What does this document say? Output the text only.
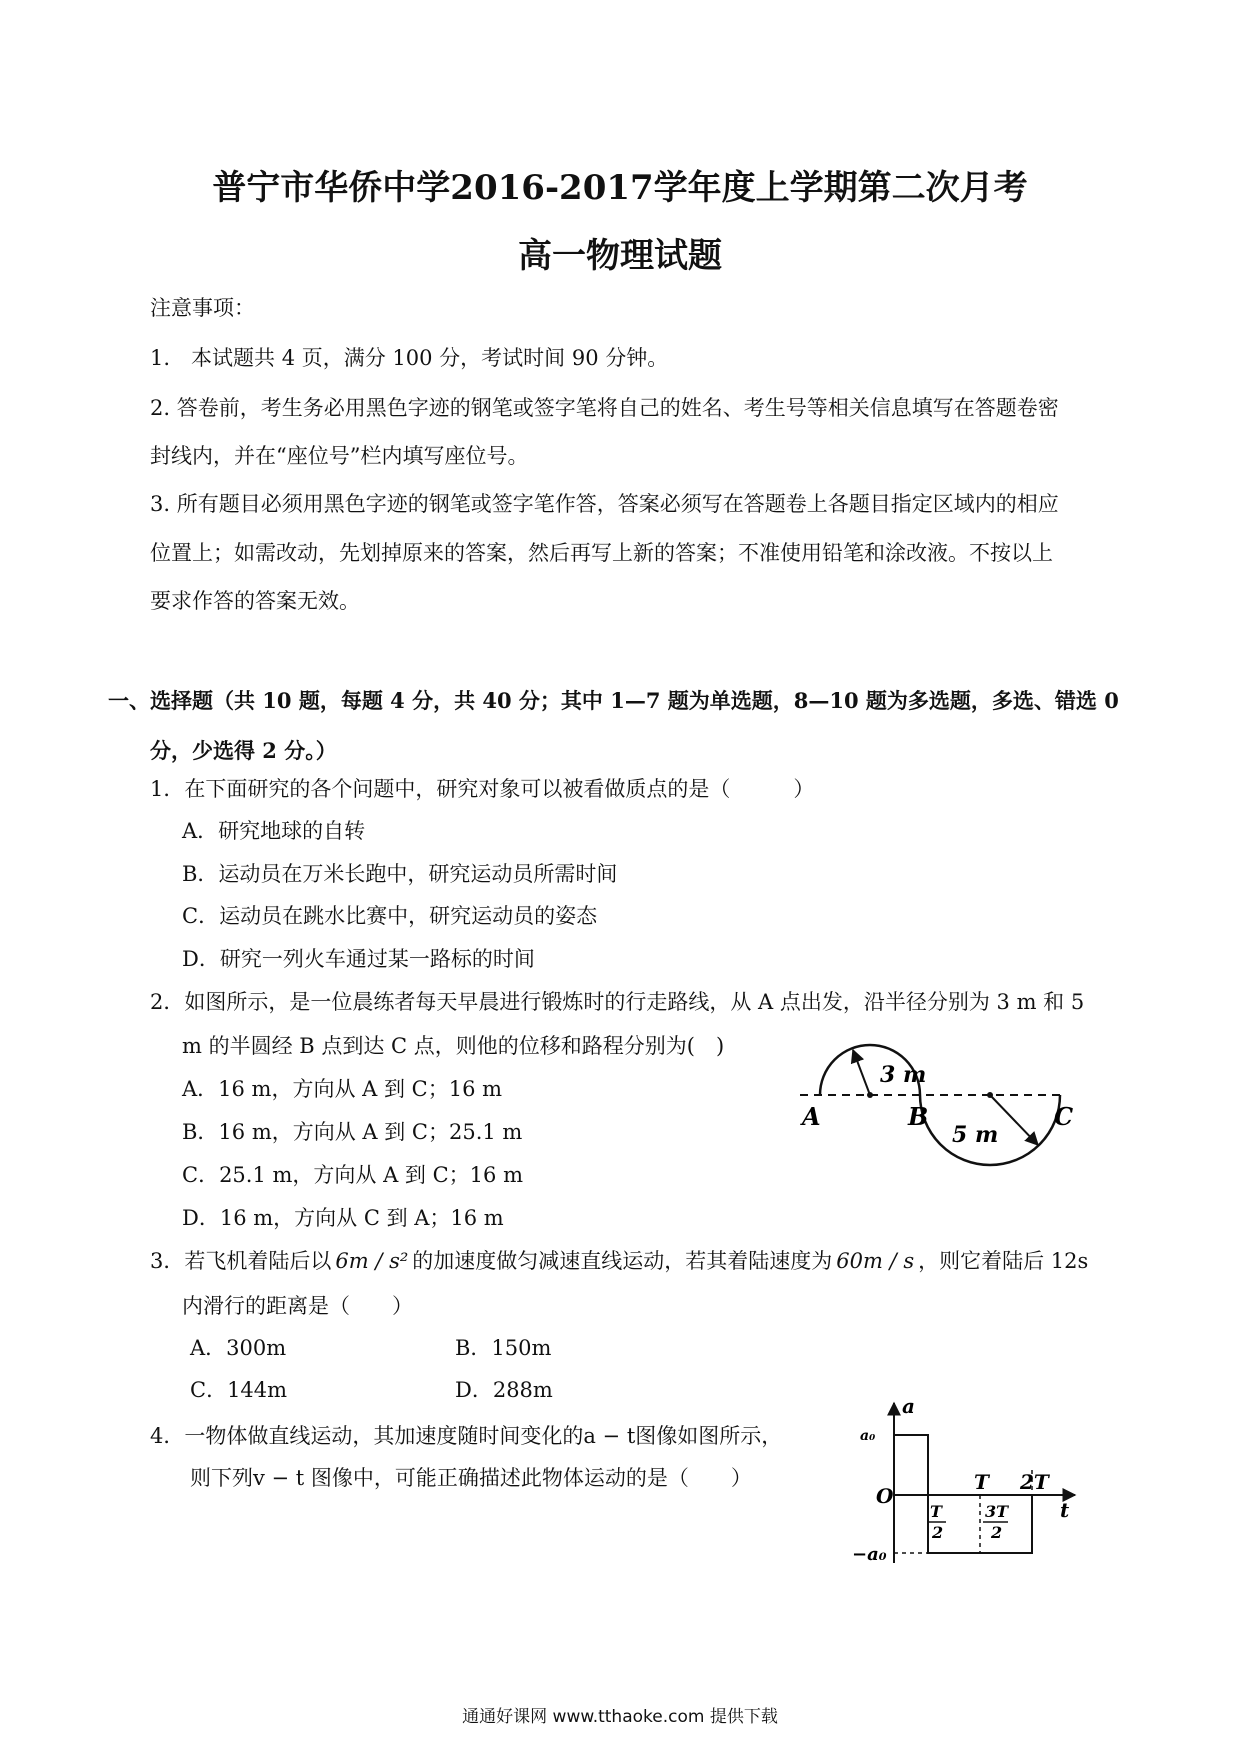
普宁市华侨中学2016-2017学年度上学期第二次月考
高一物理试题
注意事项：
1.　本试题共 4 页，满分 100 分，考试时间 90 分钟。
2. 答卷前，考生务必用黑色字迹的钢笔或签字笔将自己的姓名、考生号等相关信息填写在答题卷密
封线内，并在“座位号”栏内填写座位号。
3. 所有题目必须用黑色字迹的钢笔或签字笔作答，答案必须写在答题卷上各题目指定区域内的相应
位置上；如需改动，先划掉原来的答案，然后再写上新的答案；不准使用铅笔和涂改液。不按以上
要求作答的答案无效。
一、选择题（共 10 题，每题 4 分，共 40 分；其中 1—7 题为单选题，8—10 题为多选题，多选、错选 0
分，少选得 2 分。）
1．在下面研究的各个问题中，研究对象可以被看做质点的是（　　　）
A．研究地球的自转
B．运动员在万米长跑中，研究运动员所需时间
C．运动员在跳水比赛中，研究运动员的姿态
D．研究一列火车通过某一路标的时间
2．如图所示，是一位晨练者每天早晨进行锻炼时的行走路线，从 A 点出发，沿半径分别为 3 m 和 5
m 的半圆经 B 点到达 C 点，则他的位移和路程分别为(　)
A．16 m，方向从 A 到 C；16 m
B．16 m，方向从 A 到 C；25.1 m
C．25.1 m，方向从 A 到 C；16 m
D．16 m，方向从 C 到 A；16 m
3 m
5 m
A	B	C
3．若飞机着陆后以 6m / s² 的加速度做匀减速直线运动，若其着陆速度为 60m / s ，则它着陆后 12s
内滑行的距离是（　　）
A．300m	B．150m
C．144m	D．288m
4．一物体做直线运动，其加速度随时间变化的a − t图像如图所示，
则下列v − t 图像中，可能正确描述此物体运动的是（　　）
a
t
O
a₀
−a₀
T 2T
T
2
3T
2
通通好课网 www.tthaoke.com 提供下载
